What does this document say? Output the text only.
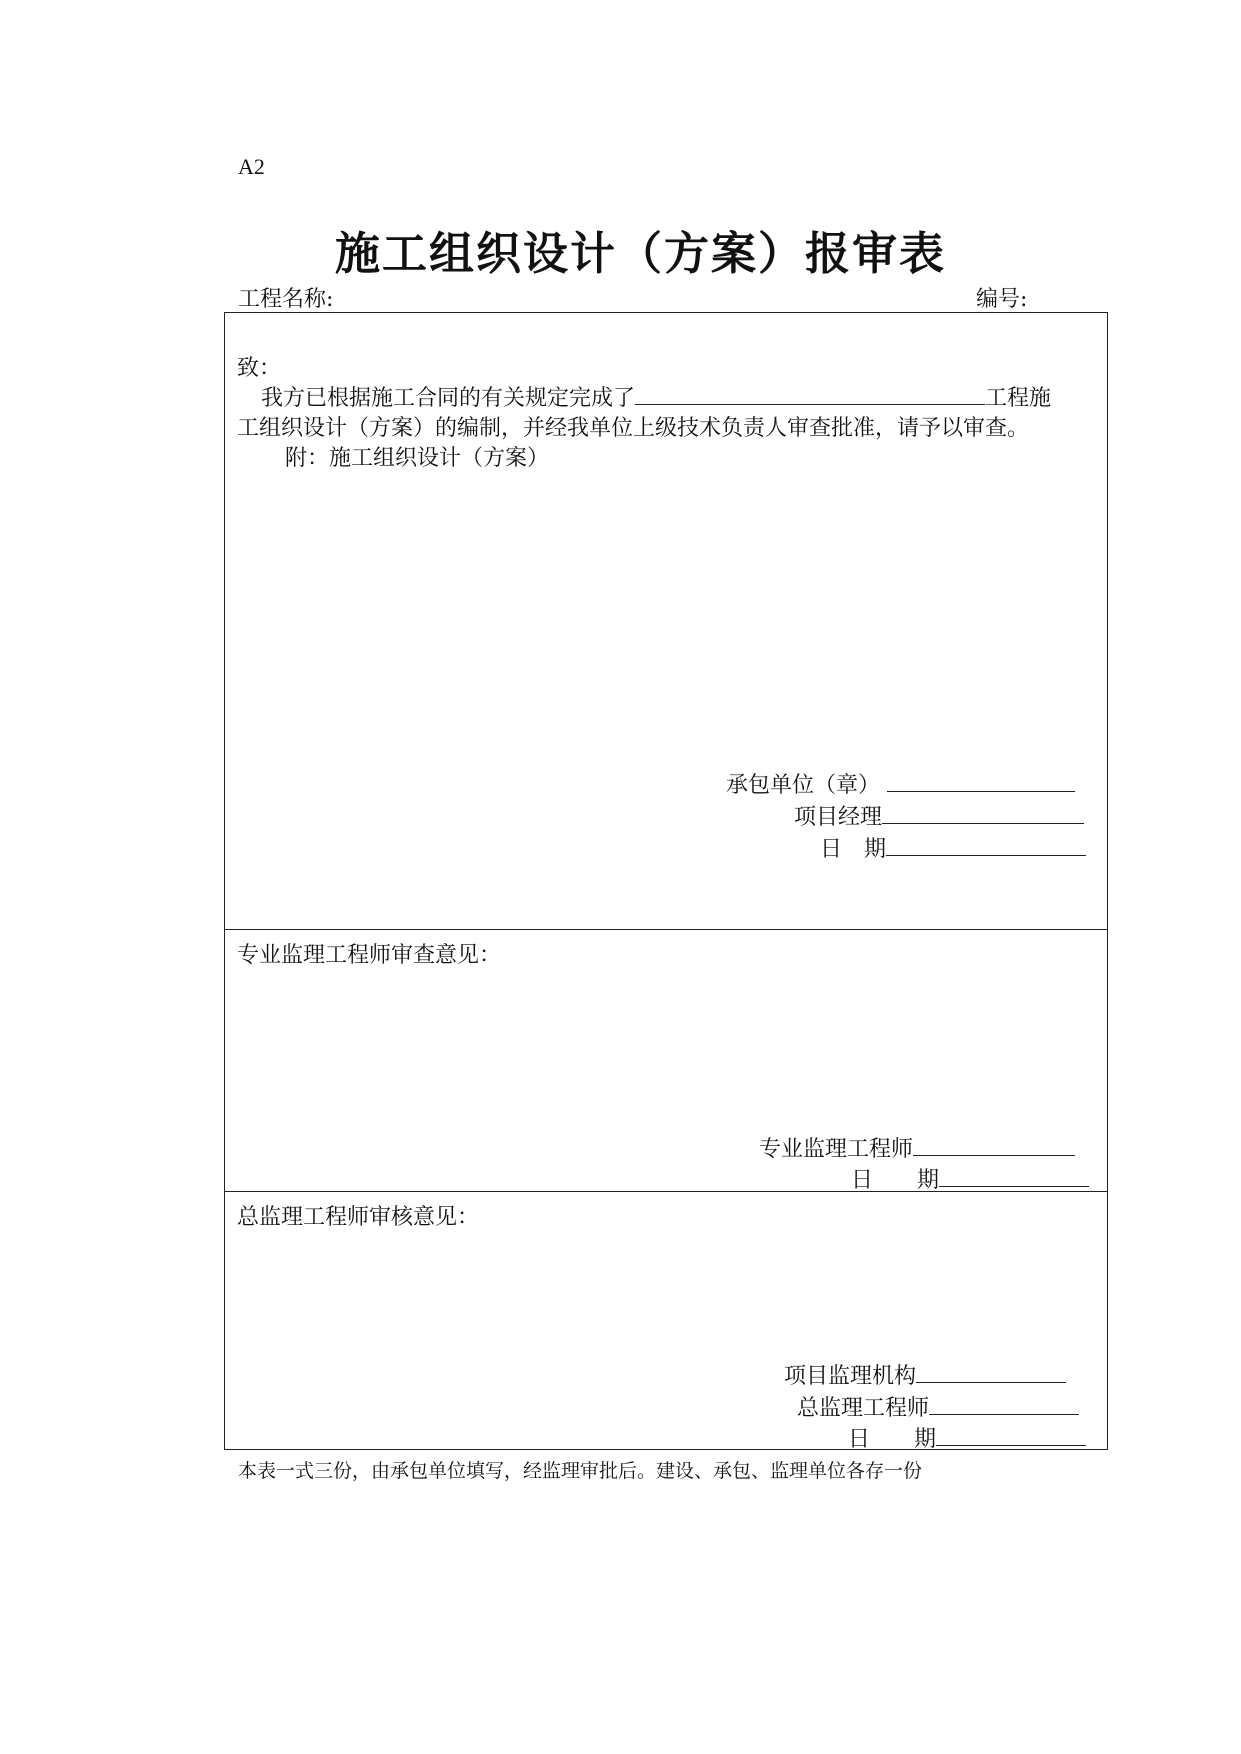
A2
施工组织设计（方案）报审表
工程名称:	编号:
致：
我方已根据施工合同的有关规定完成了	工程施
工组织设计（方案）的编制，并经我单位上级技术负责人审查批准，请予以审查。
附：施工组织设计（方案）
承包单位（章）
项目经理
日　期
专业监理工程师审查意见：
专业监理工程师
日　　期
总监理工程师审核意见：
项目监理机构
总监理工程师
日　　期
本表一式三份，由承包单位填写，经监理审批后。建设、承包、监理单位各存一份
